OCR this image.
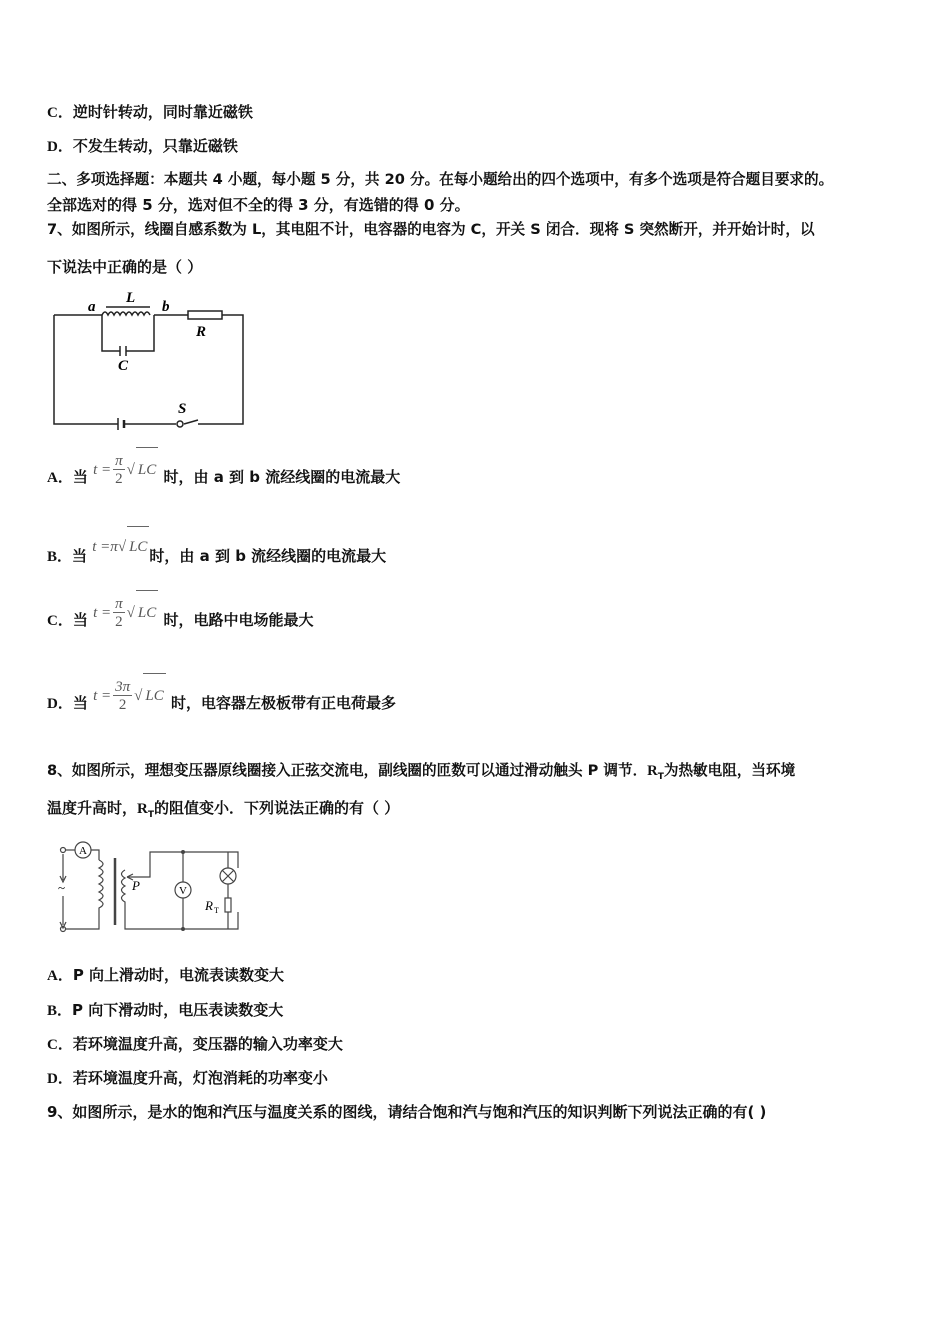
C．逆时针转动，同时靠近磁铁
D．不发生转动，只靠近磁铁
二、多项选择题：本题共 4 小题，每小题 5 分，共 20 分。在每小题给出的四个选项中，有多个选项是符合题目要求的。
全部选对的得 5 分，选对但不全的得 3 分，有选错的得 0 分。
7、如图所示，线圈自感系数为 L，其电阻不计，电容器的电容为 C，开关 S 闭合．现将 S 突然断开，并开始计时，以
下说法中正确的是（ ）
a
L
b
R
C
S
A．当 $t = \frac{\pi}{2}$ √ LC 时，由 a 到 b 流经线圈的电流最大
B．当 t =π√ LC 时，由 a 到 b 流经线圈的电流最大
C．当 $t = \frac{\pi}{2}$ √ LC 时，电路中电场能最大
D．当 $t = \frac{3\pi}{2}$ √ LC 时，电容器左极板带有正电荷最多
8、如图所示，理想变压器原线圈接入正弦交流电，副线圈的匝数可以通过滑动触头 P 调节．$R_T$为热敏电阻，当环境
温度升高时，$R_T$的阻值变小．下列说法正确的有（ ）
A
V
P
R T
~
A．P 向上滑动时，电流表读数变大
B．P 向下滑动时，电压表读数变大
C．若环境温度升高，变压器的输入功率变大
D．若环境温度升高，灯泡消耗的功率变小
9、如图所示，是水的饱和汽压与温度关系的图线，请结合饱和汽与饱和汽压的知识判断下列说法正确的有( )
